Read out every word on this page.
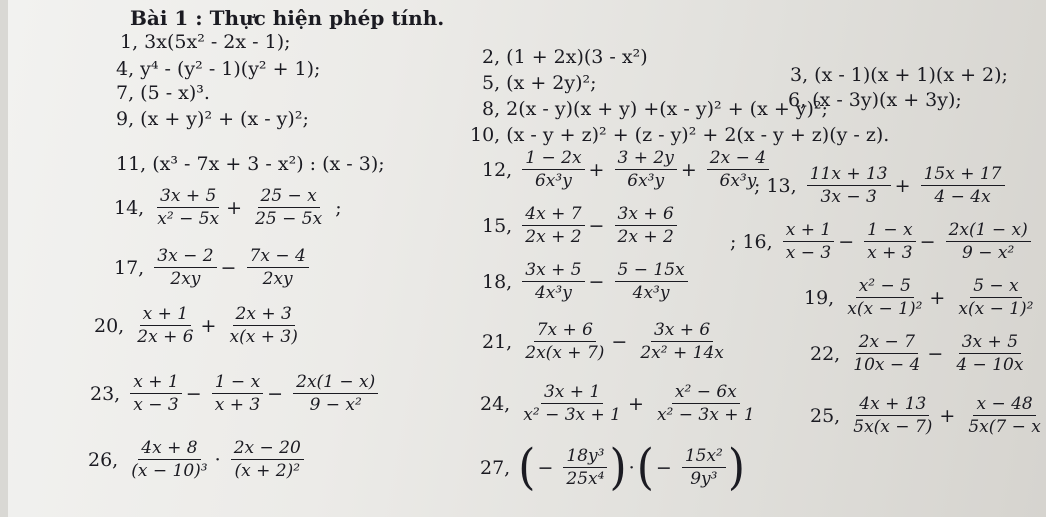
Bài 1 : Thực hiện phép tính.
1, 3x(5x² - 2x - 1);
2, (1 + 2x)(3 - x²)
3, (x - 1)(x + 1)(x + 2);
4, y⁴ - (y² - 1)(y² + 1);
5, (x + 2y)²;
6, (x - 3y)(x + 3y);
7, (5 - x)³.
8, 2(x - y)(x + y) +(x - y)² + (x + y)²;
9, (x + y)² + (x - y)²;
10, (x - y + z)² + (z - y)² + 2(x - y + z)(y - z).
11, (x³ - 7x + 3 - x²) : (x - 3);	12, $\frac{1 - 2x}{\text{6x³y}} + \frac{3 + 2y}{\text{6x³y}} + \frac{2x - 4}{\text{6x³y}}$
; 13, $\frac{11x + 13}{3x - 3} + \frac{15x + 17}{4 - 4x}$
14, $\frac{3x + 5}{\text{x² − 5x}} + \frac{25 - x}{25 - 5x}$ ;
15, $\frac{4x + 7}{2x + 2} - \frac{3x + 6}{2x + 2}$	; 16, $\frac{x + 1}{x - 3} - \frac{1 - x}{x + 3} - \frac{2x(1 - x)}{\text{9 − x²}}$
17, $\frac{3x - 2}{2xy} - \frac{7x - 4}{2xy}$	18, $\frac{3x + 5}{\text{4x³y}} - \frac{5 - 15x}{\text{4x³y}}$	19, $\frac{\text{x² − 5}}{\text{x(x − 1)²}} + \frac{5 - x}{\text{x(x − 1)²}}$
20, $\frac{x + 1}{2x + 6} + \frac{2x + 3}{x(x + 3)}$	21, $\frac{7x + 6}{2x(x + 7)} - \frac{3x + 6}{\text{2x² + 14x}}$	22, $\frac{2x - 7}{10x - 4} - \frac{3x + 5}{4 - 10x}$
23, $\frac{x + 1}{x - 3} - \frac{1 - x}{x + 3} - \frac{2x(1 - x)}{\text{9 − x²}}$	24, $\frac{3x + 1}{\text{x² − 3x + 1}} + \frac{\text{x² − 6x}}{\text{x² − 3x + 1}}$	25, $\frac{4x + 13}{5x(x - 7)} + \frac{x - 48}{5x(7 - x}$
26, $\frac{4x + 8}{\text{(x − 10)³}} \cdot \frac{2x - 20}{\text{(x + 2)²}}$	27, ( − $\frac{\text{18y³}}{\text{25x⁴}}$ ) ·( − $\frac{\text{15x²}}{\text{9y³}}$ )
